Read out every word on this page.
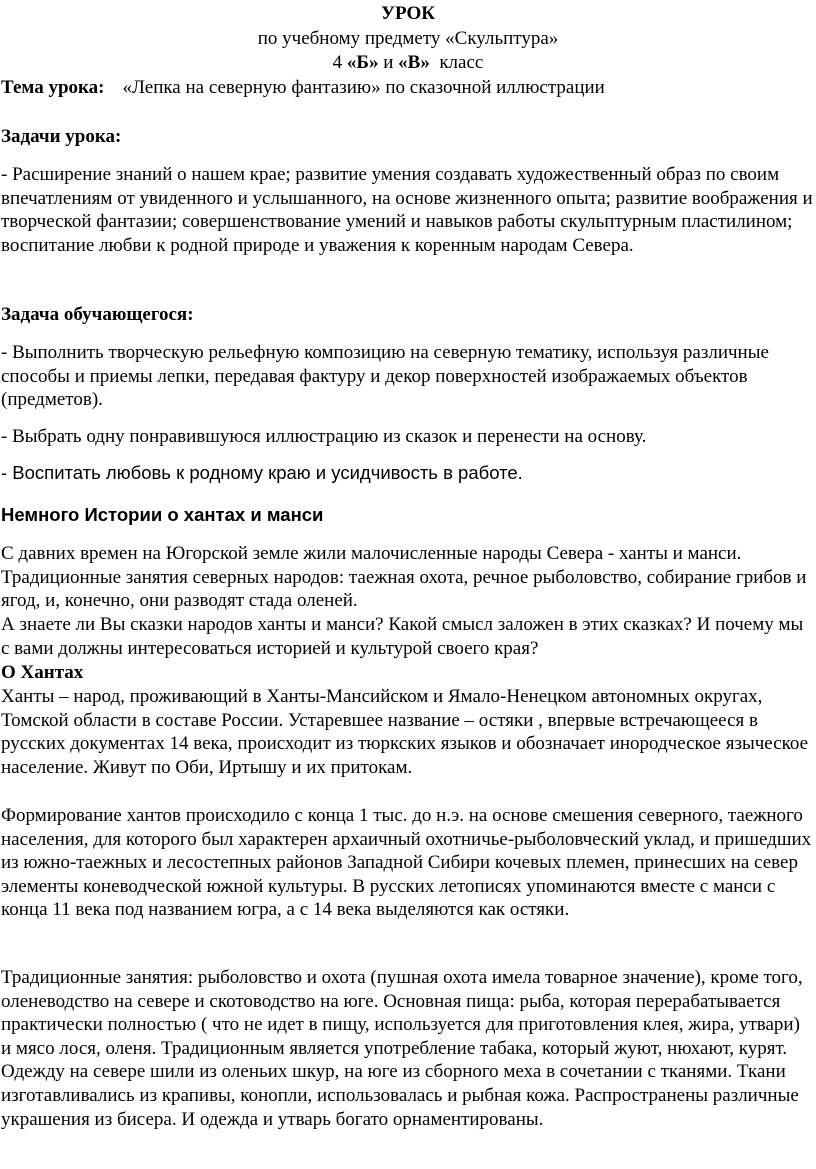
УРОК
по учебному предмету «Скульптура»
4 «Б» и «В»  класс
Тема урока: «Лепка на северную фантазию» по сказочной иллюстрации
Задачи урока:
- Расширение знаний о нашем крае; развитие умения создавать художественный образ по своим впечатлениям от увиденного и услышанного, на основе жизненного опыта; развитие воображения и творческой фантазии; совершенствование умений и навыков работы скульптурным пластилином; воспитание любви к родной природе и уважения к коренным народам Севера.
Задача обучающегося:
- Выполнить творческую рельефную композицию на северную тематику, используя различные способы и приемы лепки, передавая фактуру и декор поверхностей изображаемых объектов (предметов).
- Выбрать одну понравившуюся иллюстрацию из сказок и перенести на основу.
- Воспитать любовь к родному краю и усидчивость в работе.
Немного Истории о хантах и манси
С давних времен на Югорской земле жили малочисленные народы Севера - ханты и манси. Традиционные занятия северных народов: таежная охота, речное рыболовство, собирание грибов и ягод, и, конечно, они разводят стада оленей.
А знаете ли Вы сказки народов ханты и манси? Какой смысл заложен в этих сказках? И почему мы с вами должны интересоваться историей и культурой своего края?
О Хантах
Ханты – народ, проживающий в Ханты-Мансийском и Ямало-Ненецком автономных округах, Томской области в составе России. Устаревшее название – остяки , впервые встречающееся в русских документах 14 века, происходит из тюркских языков и обозначает инородческое языческое население. Живут по Оби, Иртышу и их притокам.
Формирование хантов происходило с конца 1 тыс. до н.э. на основе смешения северного, таежного населения, для которого был характерен архаичный охотничье-рыболовческий уклад, и пришедших из южно-таежных и лесостепных районов Западной Сибири кочевых племен, принесших на север элементы коневодческой южной культуры. В русских летописях упоминаются вместе с манси с конца 11 века под названием югра, а с 14 века выделяются как остяки.
Традиционные занятия: рыболовство и охота (пушная охота имела товарное значение), кроме того, оленеводство на севере и скотоводство на юге. Основная пища: рыба, которая перерабатывается практически полностью ( что не идет в пищу, используется для приготовления клея, жира, утвари) и мясо лося, оленя. Традиционным является употребление табака, который жуют, нюхают, курят. Одежду на севере шили из оленьих шкур, на юге из сборного меха в сочетании с тканями. Ткани изготавливались из крапивы, конопли, использовалась и рыбная кожа. Распространены различные украшения из бисера. И одежда и утварь богато орнаментированы.
